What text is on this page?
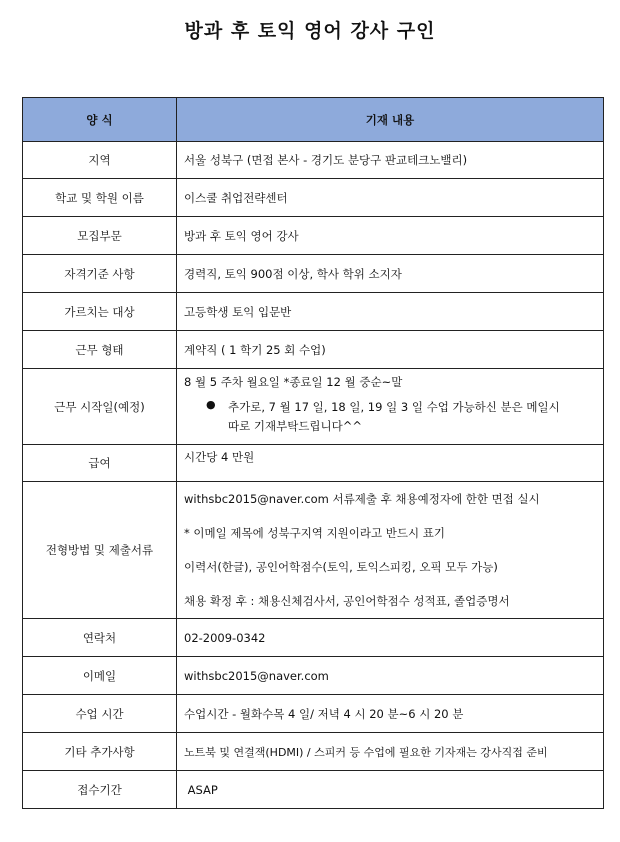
방과 후 토익 영어 강사 구인
양 식	기재 내용
지역	서울 성북구 (면접 본사 - 경기도 분당구 판교테크노밸리)
학교 및 학원 이름	이스쿨 취업전략센터
모집부문	방과 후 토익 영어 강사
자격기준 사항	경력직, 토익 900점 이상, 학사 학위 소지자
가르치는 대상	고등학생 토익 입문반
근무 형태	계약직 ( 1 학기 25 회 수업)
근무 시작일(예정)	8 월 5 주차 월요일 *종료일 12 월 중순~말
● 추가로, 7 월 17 일, 18 일, 19 일 3 일 수업 가능하신 분은 메일시
따로 기재부탁드립니다^^

급여	시간당 4 만원
전형방법 및 제출서류	withsbc2015@naver.com 서류제출 후 채용예정자에 한한 면접 실시
* 이메일 제목에 성북구지역 지원이라고 반드시 표기
이력서(한글), 공인어학점수(토익, 토익스피킹, 오픽 모두 가능)
채용 확정 후 : 채용신체검사서, 공인어학점수 성적표, 졸업증명서

연락처	02-2009-0342
이메일	withsbc2015@naver.com
수업 시간	수업시간 - 월화수목 4 일/ 저녁 4 시 20 분~6 시 20 분
기타 추가사항	노트북 및 연결잭(HDMI) / 스피커 등 수업에 필요한 기자재는 강사직접 준비
접수기간	ASAP
